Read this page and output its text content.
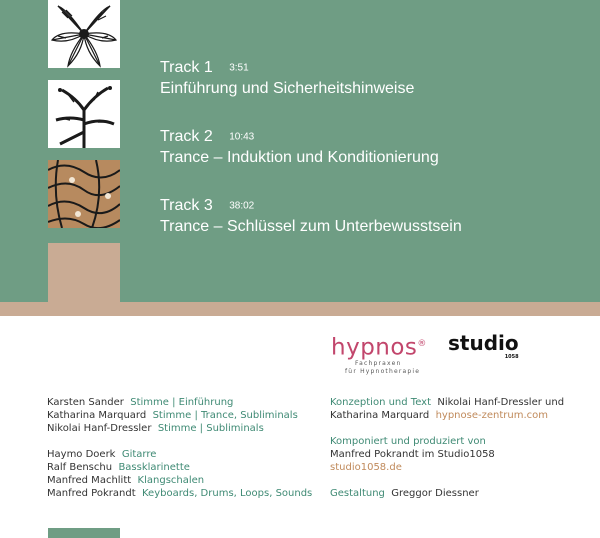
Track 1 3:51
Einführung und Sicherheitshinweise
Track 2 10:43
Trance – Induktion und Konditionierung
Track 3 38:02
Trance – Schlüssel zum Unterbewusstsein
hypnos®
Fachpraxen
für Hypnotherapie
studio
1058
Karsten Sander Stimme | Einführung
Katharina Marquard Stimme | Trance, Subliminals
Nikolai Hanf-Dressler Stimme | Subliminals
Haymo Doerk Gitarre
Ralf Benschu Bassklarinette
Manfred Machlitt Klangschalen
Manfred Pokrandt Keyboards, Drums, Loops, Sounds
Konzeption und Text Nikolai Hanf-Dressler und
Katharina Marquard hypnose-zentrum.com
Komponiert und produziert von
Manfred Pokrandt im Studio1058
studio1058.de
Gestaltung Greggor Diessner
